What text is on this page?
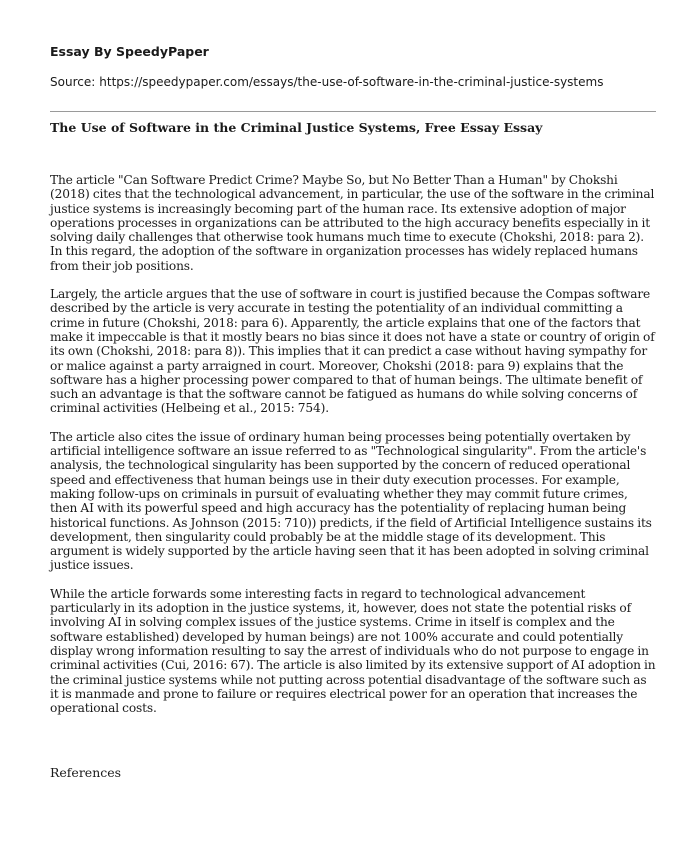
Essay By SpeedyPaper

Source: https://speedypaper.com/essays/the-use-of-software-in-the-criminal-justice-systems

The Use of Software in the Criminal Justice Systems, Free Essay Essay

The article "Can Software Predict Crime? Maybe So, but No Better Than a Human" by Chokshi (2018) cites that the technological advancement, in particular, the use of the software in the criminal justice systems is increasingly becoming part of the human race. Its extensive adoption of major operations processes in organizations can be attributed to the high accuracy benefits especially in it solving daily challenges that otherwise took humans much time to execute (Chokshi, 2018: para 2). In this regard, the adoption of the software in organization processes has widely replaced humans from their job positions.

Largely, the article argues that the use of software in court is justified because the Compas software described by the article is very accurate in testing the potentiality of an individual committing a crime in future (Chokshi, 2018: para 6). Apparently, the article explains that one of the factors that make it impeccable is that it mostly bears no bias since it does not have a state or country of origin of its own (Chokshi, 2018: para 8)). This implies that it can predict a case without having sympathy for or malice against a party arraigned in court. Moreover, Chokshi (2018: para 9) explains that the software has a higher processing power compared to that of human beings. The ultimate benefit of such an advantage is that the software cannot be fatigued as humans do while solving concerns of criminal activities (Helbeing et al., 2015: 754).

The article also cites the issue of ordinary human being processes being potentially overtaken by artificial intelligence software an issue referred to as "Technological singularity". From the article's analysis, the technological singularity has been supported by the concern of reduced operational speed and effectiveness that human beings use in their duty execution processes. For example, making follow-ups on criminals in pursuit of evaluating whether they may commit future crimes, then AI with its powerful speed and high accuracy has the potentiality of replacing human being historical functions. As Johnson (2015: 710)) predicts, if the field of Artificial Intelligence sustains its development, then singularity could probably be at the middle stage of its development. This argument is widely supported by the article having seen that it has been adopted in solving criminal justice issues.

While the article forwards some interesting facts in regard to technological advancement particularly in its adoption in the justice systems, it, however, does not state the potential risks of involving AI in solving complex issues of the justice systems. Crime in itself is complex and the software established) developed by human beings) are not 100% accurate and could potentially display wrong information resulting to say the arrest of individuals who do not purpose to engage in criminal activities (Cui, 2016: 67). The article is also limited by its extensive support of AI adoption in the criminal justice systems while not putting across potential disadvantage of the software such as it is manmade and prone to failure or requires electrical power for an operation that increases the operational costs.

References
